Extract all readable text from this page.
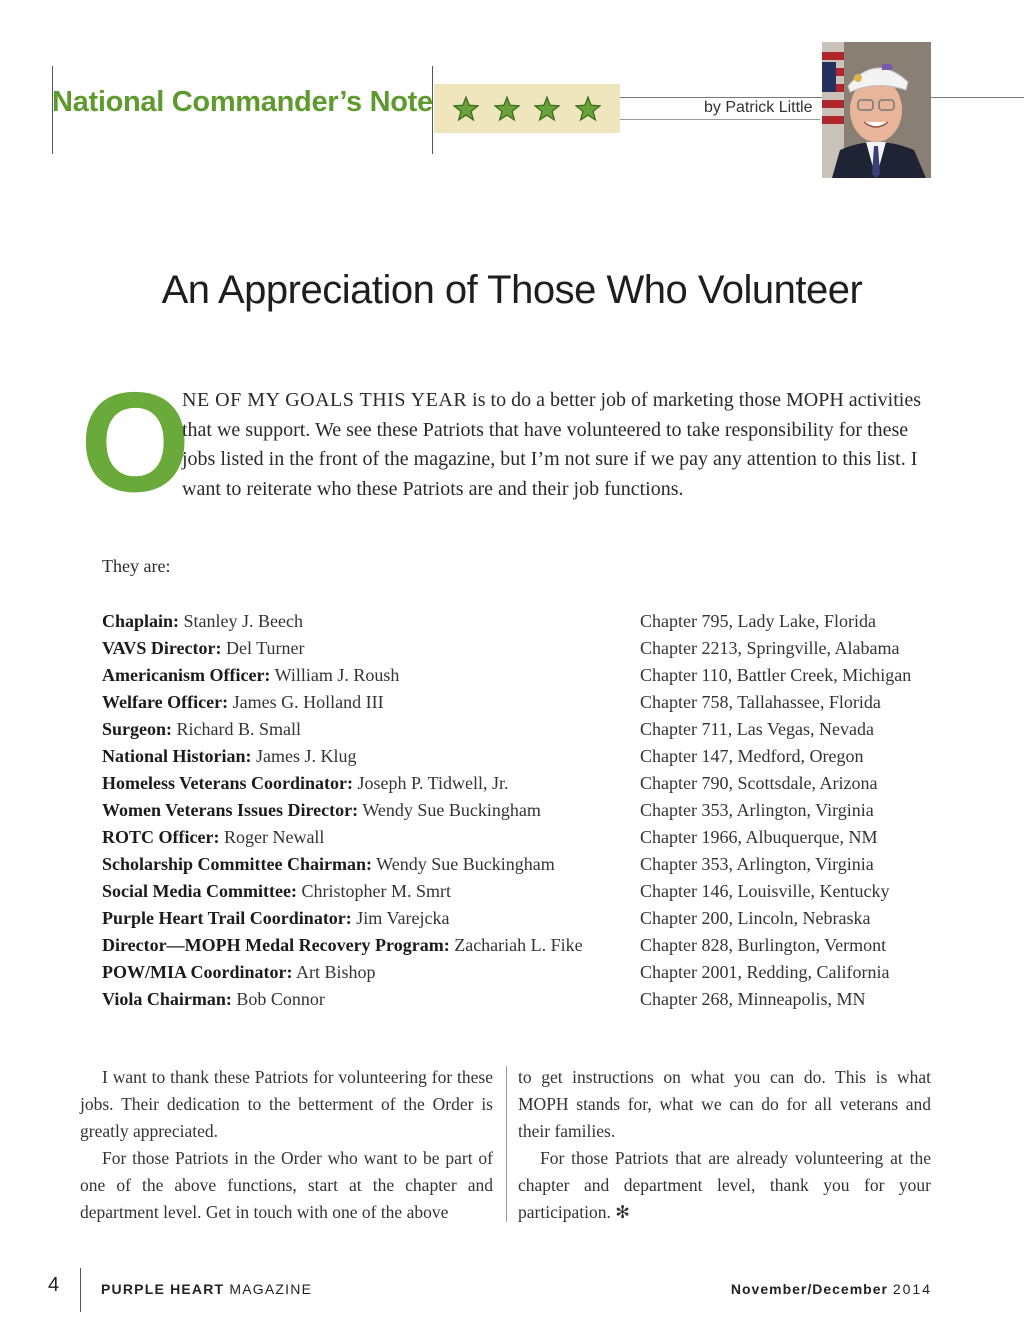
National Commander’s Note	by Patrick Little
An Appreciation of Those Who Volunteer
O
NE OF MY GOALS THIS YEAR is to do a better job of marketing those MOPH activities that we support. We see these Patriots that have volunteered to take responsibility for these jobs listed in the front of the magazine, but I’m not sure if we pay any attention to this list. I want to reiterate who these Patriots are and their job functions.
They are:
Chaplain: Stanley J. Beech	Chapter 795, Lady Lake, Florida
VAVS Director: Del Turner	Chapter 2213, Springville, Alabama
Americanism Officer: William J. Roush	Chapter 110, Battler Creek, Michigan
Welfare Officer: James G. Holland III	Chapter 758, Tallahassee, Florida
Surgeon: Richard B. Small	Chapter 711, Las Vegas, Nevada
National Historian: James J. Klug	Chapter 147, Medford, Oregon
Homeless Veterans Coordinator: Joseph P. Tidwell, Jr.	Chapter 790, Scottsdale, Arizona
Women Veterans Issues Director: Wendy Sue Buckingham	Chapter 353, Arlington, Virginia
ROTC Officer: Roger Newall	Chapter 1966, Albuquerque, NM
Scholarship Committee Chairman: Wendy Sue Buckingham	Chapter 353, Arlington, Virginia
Social Media Committee: Christopher M. Smrt	Chapter 146, Louisville, Kentucky
Purple Heart Trail Coordinator: Jim Varejcka	Chapter 200, Lincoln, Nebraska
Director—MOPH Medal Recovery Program: Zachariah L. Fike	Chapter 828, Burlington, Vermont
POW/MIA Coordinator: Art Bishop	Chapter 2001, Redding, California
Viola Chairman: Bob Connor	Chapter 268, Minneapolis, MN

I want to thank these Patriots for volunteering for these jobs. Their dedication to the betterment of the Order is greatly appreciated.

For those Patriots in the Order who want to be part of one of the above functions, start at the chapter and department level. Get in touch with one of the above

to get instructions on what you can do. This is what MOPH stands for, what we can do for all veterans and their families.

For those Patriots that are already volunteering at the chapter and department level, thank you for your participation. ✻

4	PURPLE HEART MAGAZINE	November/December 2014
